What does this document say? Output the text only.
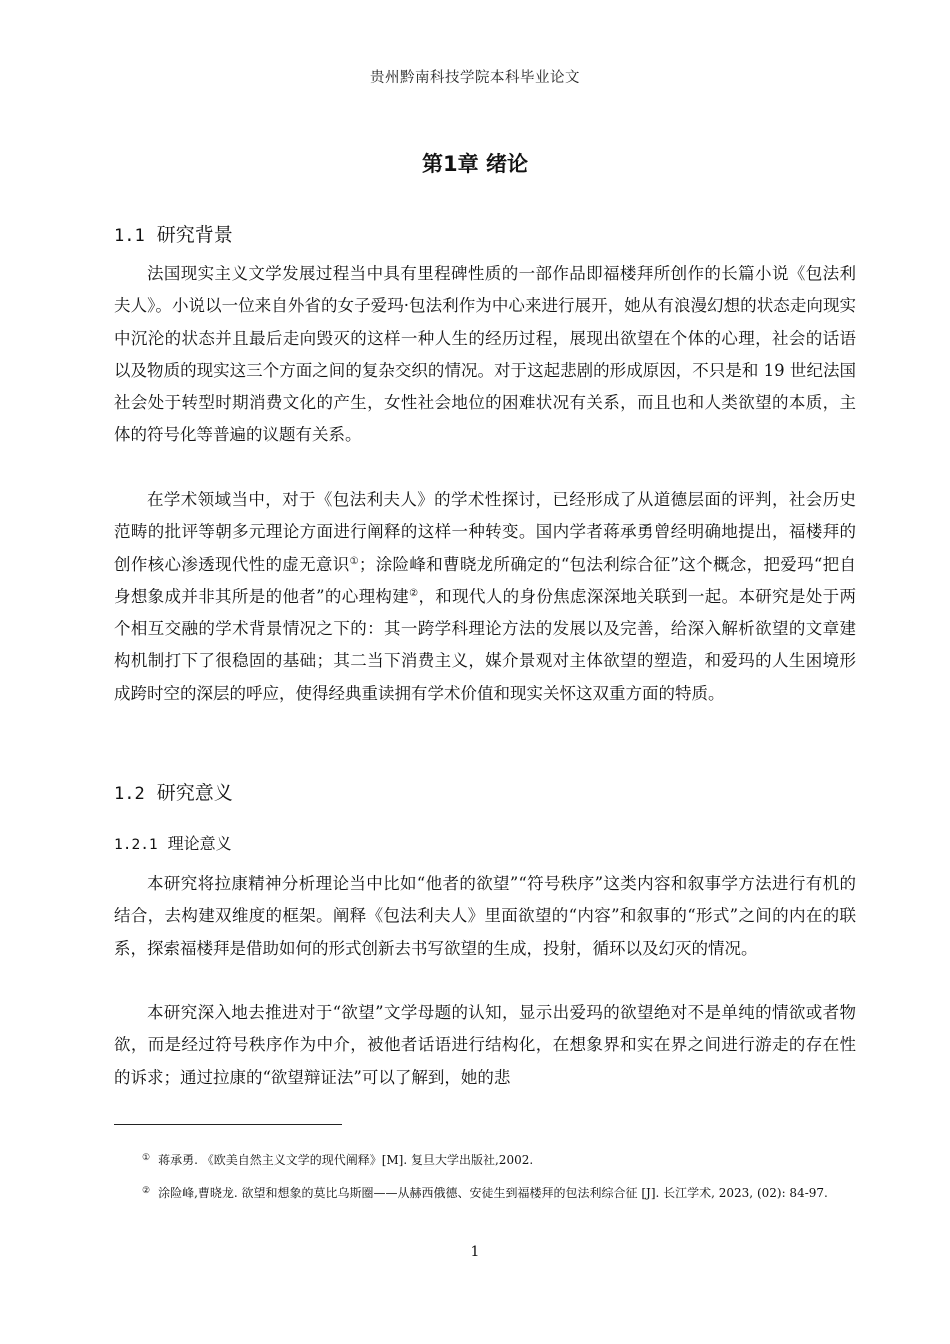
贵州黔南科技学院本科毕业论文
第1章 绪论
1.1 研究背景

法国现实主义文学发展过程当中具有里程碑性质的一部作品即福楼拜所创作的长篇小说《包法利夫人》。小说以一位来自外省的女子爱玛·包法利作为中心来进行展开，她从有浪漫幻想的状态走向现实中沉沦的状态并且最后走向毁灭的这样一种人生的经历过程，展现出欲望在个体的心理，社会的话语以及物质的现实这三个方面之间的复杂交织的情况。对于这起悲剧的形成原因，不只是和 19 世纪法国社会处于转型时期消费文化的产生，女性社会地位的困难状况有关系，而且也和人类欲望的本质，主体的符号化等普遍的议题有关系。

在学术领域当中，对于《包法利夫人》的学术性探讨，已经形成了从道德层面的评判，社会历史范畴的批评等朝多元理论方面进行阐释的这样一种转变。国内学者蒋承勇曾经明确地提出，福楼拜的创作核心渗透现代性的虚无意识①；涂险峰和曹晓龙所确定的“包法利综合征”这个概念，把爱玛“把自身想象成并非其所是的他者”的心理构建②，和现代人的身份焦虑深深地关联到一起。本研究是处于两个相互交融的学术背景情况之下的：其一跨学科理论方法的发展以及完善，给深入解析欲望的文章建构机制打下了很稳固的基础；其二当下消费主义，媒介景观对主体欲望的塑造，和爱玛的人生困境形成跨时空的深层的呼应，使得经典重读拥有学术价值和现实关怀这双重方面的特质。

1.2 研究意义
1.2.1 理论意义

本研究将拉康精神分析理论当中比如“他者的欲望”“符号秩序”这类内容和叙事学方法进行有机的结合，去构建双维度的框架。阐释《包法利夫人》里面欲望的“内容”和叙事的“形式”之间的内在的联系，探索福楼拜是借助如何的形式创新去书写欲望的生成，投射，循环以及幻灭的情况。

本研究深入地去推进对于“欲望”文学母题的认知，显示出爱玛的欲望绝对不是单纯的情欲或者物欲，而是经过符号秩序作为中介，被他者话语进行结构化，在想象界和实在界之间进行游走的存在性的诉求；通过拉康的“欲望辩证法”可以了解到，她的悲

① 蒋承勇. 《欧美自然主义文学的现代阐释》[M]. 复旦大学出版社,2002.

② 涂险峰,曹晓龙. 欲望和想象的莫比乌斯圈——从赫西俄德、安徒生到福楼拜的包法利综合征 [J]. 长江学术, 2023, (02): 84-97.

1
